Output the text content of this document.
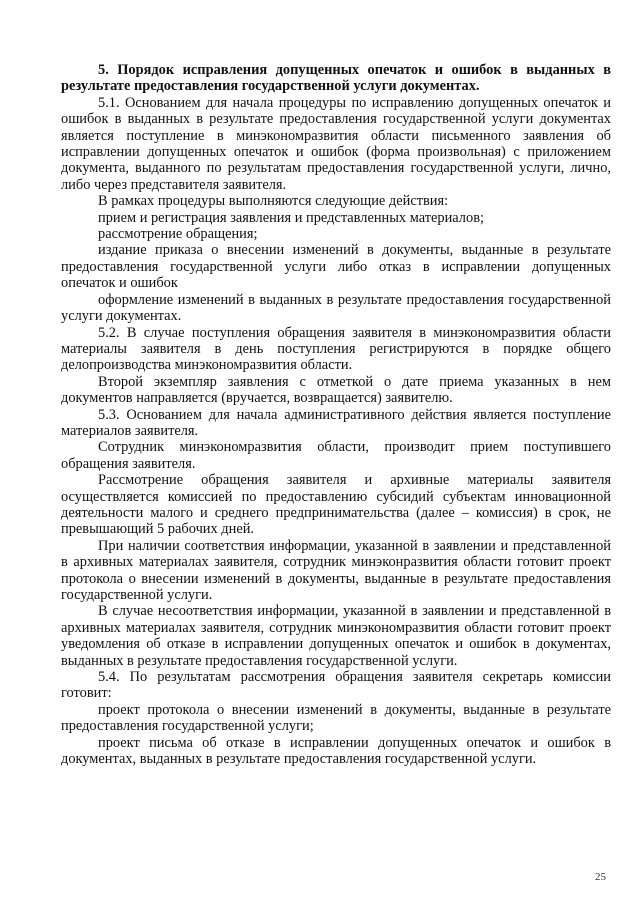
5. Порядок исправления допущенных опечаток и ошибок в выданных в результате предоставления государственной услуги документах.

5.1. Основанием для начала процедуры по исправлению допущенных опечаток и ошибок в выданных в результате предоставления государственной услуги документах является поступление в минэкономразвития области письменного заявления об исправлении допущенных опечаток и ошибок (форма произвольная) с приложением документа, выданного по результатам предоставления государственной услуги, лично, либо через представителя заявителя.

В рамках процедуры выполняются следующие действия:

прием и регистрация заявления и представленных материалов;

рассмотрение обращения;

издание приказа о внесении изменений в документы, выданные в результате предоставления государственной услуги либо отказ в исправлении допущенных опечаток и ошибок

оформление изменений в выданных в результате предоставления государственной услуги документах.

5.2. В случае поступления обращения заявителя в минэкономразвития области материалы заявителя в день поступления регистрируются в порядке общего делопроизводства минэкономразвития области.

Второй экземпляр заявления с отметкой о дате приема указанных в нем документов направляется (вручается, возвращается) заявителю.

5.3. Основанием для начала административного действия является поступление материалов заявителя.

Сотрудник минэкономразвития области, производит прием поступившего обращения заявителя.

Рассмотрение обращения заявителя и архивные материалы заявителя осуществляется комиссией по предоставлению субсидий субъектам инновационной деятельности малого и среднего предпринимательства (далее – комиссия) в срок, не превышающий 5 рабочих дней.

При наличии соответствия информации, указанной в заявлении и представленной в архивных материалах заявителя, сотрудник минэконразвития области готовит проект протокола о внесении изменений в документы, выданные в результате предоставления государственной услуги.

В случае несоответствия информации, указанной в заявлении и представленной в архивных материалах заявителя, сотрудник минэкономразвития области готовит проект уведомления об отказе в исправлении допущенных опечаток и ошибок в документах, выданных в результате предоставления государственной услуги.

5.4. По результатам рассмотрения обращения заявителя секретарь комиссии готовит:

проект протокола о внесении изменений в документы, выданные в результате предоставления государственной услуги;

проект письма об отказе в исправлении допущенных опечаток и ошибок в документах, выданных в результате предоставления государственной услуги.

25
